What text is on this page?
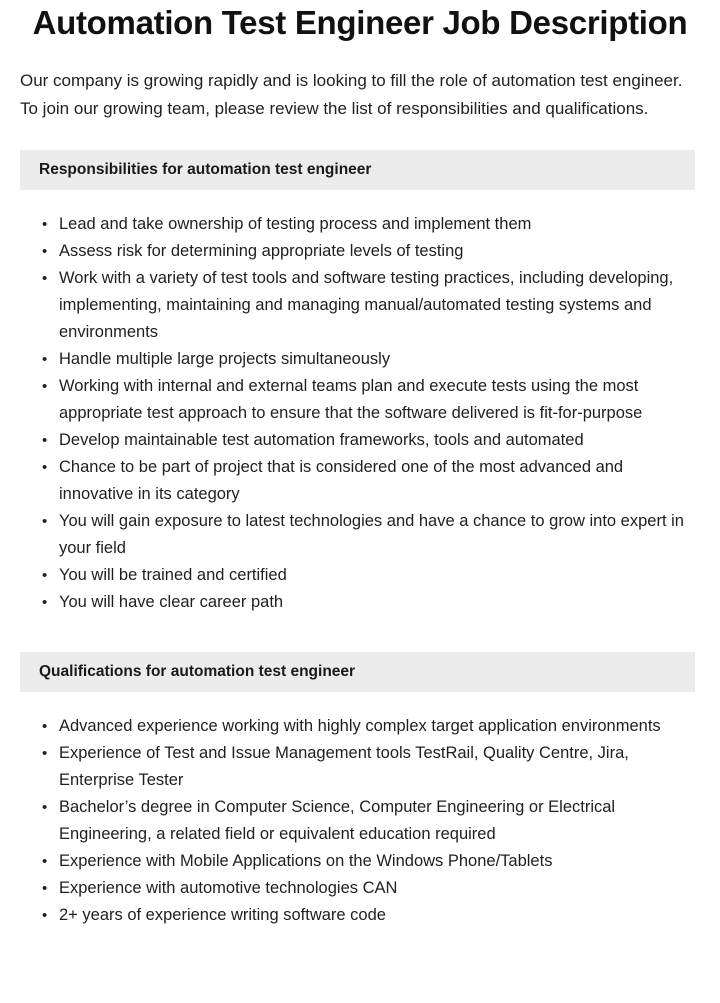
Automation Test Engineer Job Description

Our company is growing rapidly and is looking to fill the role of automation test engineer. To join our growing team, please review the list of responsibilities and qualifications.

Responsibilities for automation test engineer
• Lead and take ownership of testing process and implement them
• Assess risk for determining appropriate levels of testing
• Work with a variety of test tools and software testing practices, including developing, implementing, maintaining and managing manual/automated testing systems and environments
• Handle multiple large projects simultaneously
• Working with internal and external teams plan and execute tests using the most appropriate test approach to ensure that the software delivered is fit-for-purpose
• Develop maintainable test automation frameworks, tools and automated
• Chance to be part of project that is considered one of the most advanced and innovative in its category
• You will gain exposure to latest technologies and have a chance to grow into expert in your field
• You will be trained and certified
• You will have clear career path
Qualifications for automation test engineer
• Advanced experience working with highly complex target application environments
• Experience of Test and Issue Management tools TestRail, Quality Centre, Jira, Enterprise Tester
• Bachelor’s degree in Computer Science, Computer Engineering or Electrical Engineering, a related field or equivalent education required
• Experience with Mobile Applications on the Windows Phone/Tablets
• Experience with automotive technologies CAN
• 2+ years of experience writing software code
